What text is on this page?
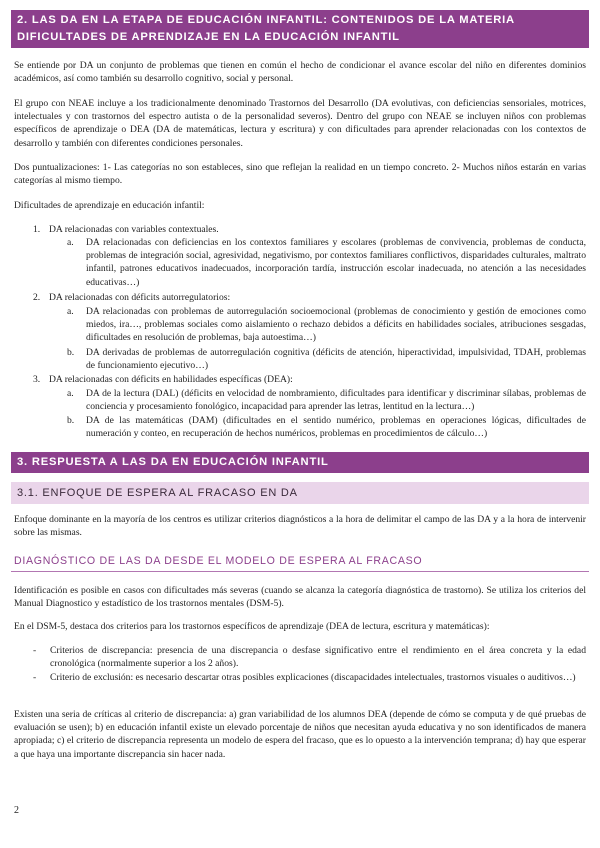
2. LAS DA EN LA ETAPA DE EDUCACIÓN INFANTIL: CONTENIDOS DE LA MATERIA DIFICULTADES DE APRENDIZAJE EN LA EDUCACIÓN INFANTIL

Se entiende por DA un conjunto de problemas que tienen en común el hecho de condicionar el avance escolar del niño en diferentes dominios académicos, así como también su desarrollo cognitivo, social y personal.

El grupo con NEAE incluye a los tradicionalmente denominado Trastornos del Desarrollo (DA evolutivas, con deficiencias sensoriales, motrices, intelectuales y con trastornos del espectro autista o de la personalidad severos). Dentro del grupo con NEAE se incluyen niños con problemas específicos de aprendizaje o DEA (DA de matemáticas, lectura y escritura) y con dificultades para aprender relacionadas con los contextos de desarrollo y también con diferentes condiciones personales.

Dos puntualizaciones: 1- Las categorías no son estableces, sino que reflejan la realidad en un tiempo concreto. 2- Muchos niños estarán en varias categorías al mismo tiempo.

Dificultades de aprendizaje en educación infantil:

1. DA relacionadas con variables contextuales.
a. DA relacionadas con deficiencias en los contextos familiares y escolares (problemas de convivencia, problemas de conducta, problemas de integración social, agresividad, negativismo, por contextos familiares conflictivos, disparidades culturales, maltrato infantil, patrones educativos inadecuados, incorporación tardía, instrucción escolar inadecuada, no atención a las necesidades educativas…)
2. DA relacionadas con déficits autorregulatorios:
a. DA relacionadas con problemas de autorregulación socioemocional (problemas de conocimiento y gestión de emociones como miedos, ira…, problemas sociales como aislamiento o rechazo debidos a déficits en habilidades sociales, atribuciones sesgadas, dificultades en resolución de problemas, baja autoestima…)
b. DA derivadas de problemas de autorregulación cognitiva (déficits de atención, hiperactividad, impulsividad, TDAH, problemas de funcionamiento ejecutivo…)
3. DA relacionadas con déficits en habilidades específicas (DEA):
a. DA de la lectura (DAL) (déficits en velocidad de nombramiento, dificultades para identificar y discriminar sílabas, problemas de conciencia y procesamiento fonológico, incapacidad para aprender las letras, lentitud en la lectura…)
b. DA de las matemáticas (DAM) (dificultades en el sentido numérico, problemas en operaciones lógicas, dificultades de numeración y conteo, en recuperación de hechos numéricos, problemas en procedimientos de cálculo…)
3. RESPUESTA A LAS DA EN EDUCACIÓN INFANTIL
3.1. ENFOQUE DE ESPERA AL FRACASO EN DA

Enfoque dominante en la mayoría de los centros es utilizar criterios diagnósticos a la hora de delimitar el campo de las DA y a la hora de intervenir sobre las mismas.

DIAGNÓSTICO DE LAS DA DESDE EL MODELO DE ESPERA AL FRACASO

Identificación es posible en casos con dificultades más severas (cuando se alcanza la categoría diagnóstica de trastorno). Se utiliza los criterios del Manual Diagnostico y estadístico de los trastornos mentales (DSM-5).

En el DSM-5, destaca dos criterios para los trastornos específicos de aprendizaje (DEA de lectura, escritura y matemáticas):

- Criterios de discrepancia: presencia de una discrepancia o desfase significativo entre el rendimiento en el área concreta y la edad cronológica (normalmente superior a los 2 años).
- Criterio de exclusión: es necesario descartar otras posibles explicaciones (discapacidades intelectuales, trastornos visuales o auditivos…)

Existen una seria de críticas al criterio de discrepancia: a) gran variabilidad de los alumnos DEA (depende de cómo se computa y de qué pruebas de evaluación se usen); b) en educación infantil existe un elevado porcentaje de niños que necesitan ayuda educativa y no son identificados de manera apropiada; c) el criterio de discrepancia representa un modelo de espera del fracaso, que es lo opuesto a la intervención temprana; d) hay que esperar a que haya una importante discrepancia sin hacer nada.

2
